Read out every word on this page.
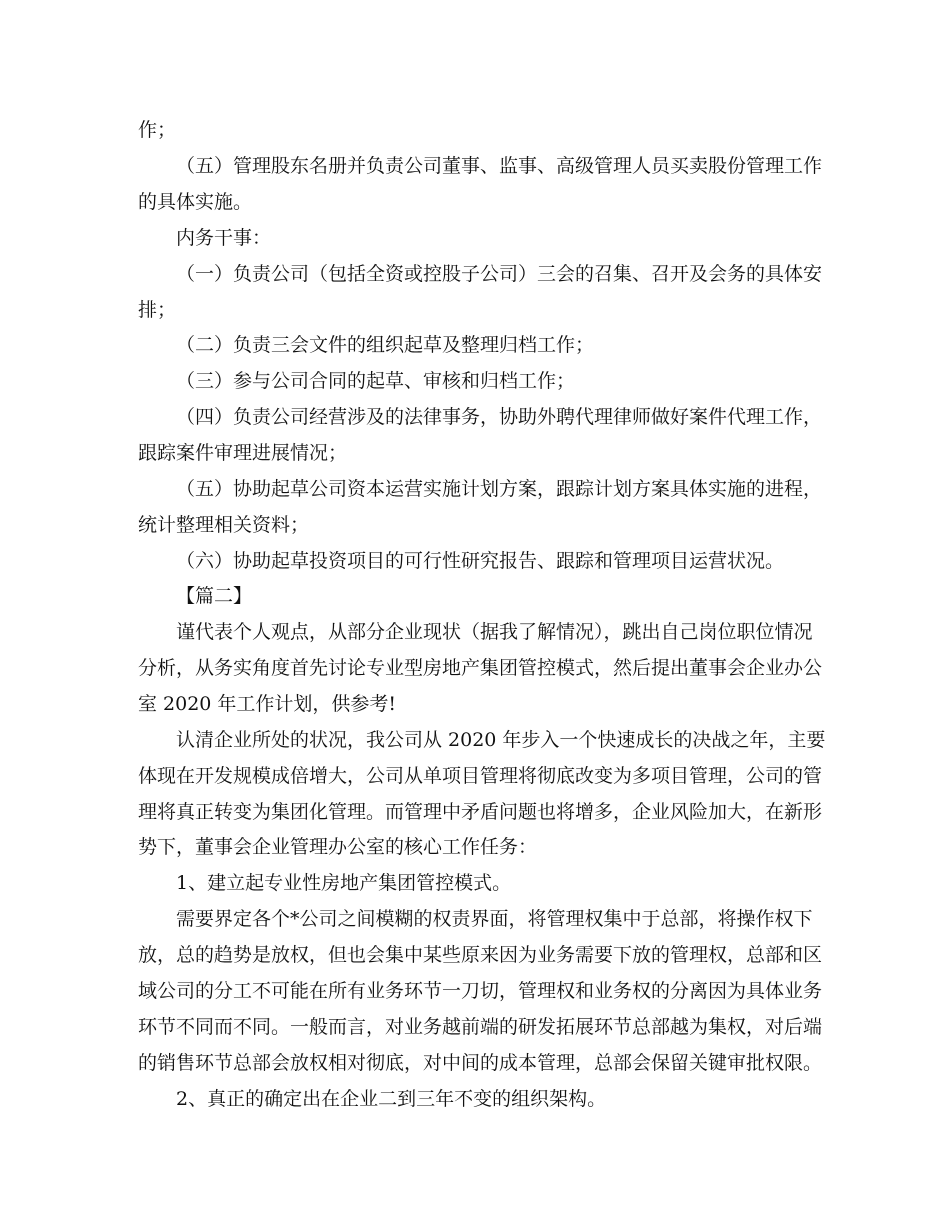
作；
（五）管理股东名册并负责公司董事、监事、高级管理人员买卖股份管理工作
的具体实施。
内务干事：
（一）负责公司（包括全资或控股子公司）三会的召集、召开及会务的具体安
排；
（二）负责三会文件的组织起草及整理归档工作；
（三）参与公司合同的起草、审核和归档工作；
（四）负责公司经营涉及的法律事务，协助外聘代理律师做好案件代理工作，
跟踪案件审理进展情况；
（五）协助起草公司资本运营实施计划方案，跟踪计划方案具体实施的进程，
统计整理相关资料；
（六）协助起草投资项目的可行性研究报告、跟踪和管理项目运营状况。
【篇二】
谨代表个人观点，从部分企业现状（据我了解情况），跳出自己岗位职位情况
分析，从务实角度首先讨论专业型房地产集团管控模式，然后提出董事会企业办公
室 2020 年工作计划，供参考!
认清企业所处的状况，我公司从 2020 年步入一个快速成长的决战之年，主要
体现在开发规模成倍增大，公司从单项目管理将彻底改变为多项目管理，公司的管
理将真正转变为集团化管理。而管理中矛盾问题也将增多，企业风险加大，在新形
势下，董事会企业管理办公室的核心工作任务：
1、建立起专业性房地产集团管控模式。
需要界定各个*公司之间模糊的权责界面，将管理权集中于总部，将操作权下
放，总的趋势是放权，但也会集中某些原来因为业务需要下放的管理权，总部和区
域公司的分工不可能在所有业务环节一刀切，管理权和业务权的分离因为具体业务
环节不同而不同。一般而言，对业务越前端的研发拓展环节总部越为集权，对后端
的销售环节总部会放权相对彻底，对中间的成本管理，总部会保留关键审批权限。
2、真正的确定出在企业二到三年不变的组织架构。
